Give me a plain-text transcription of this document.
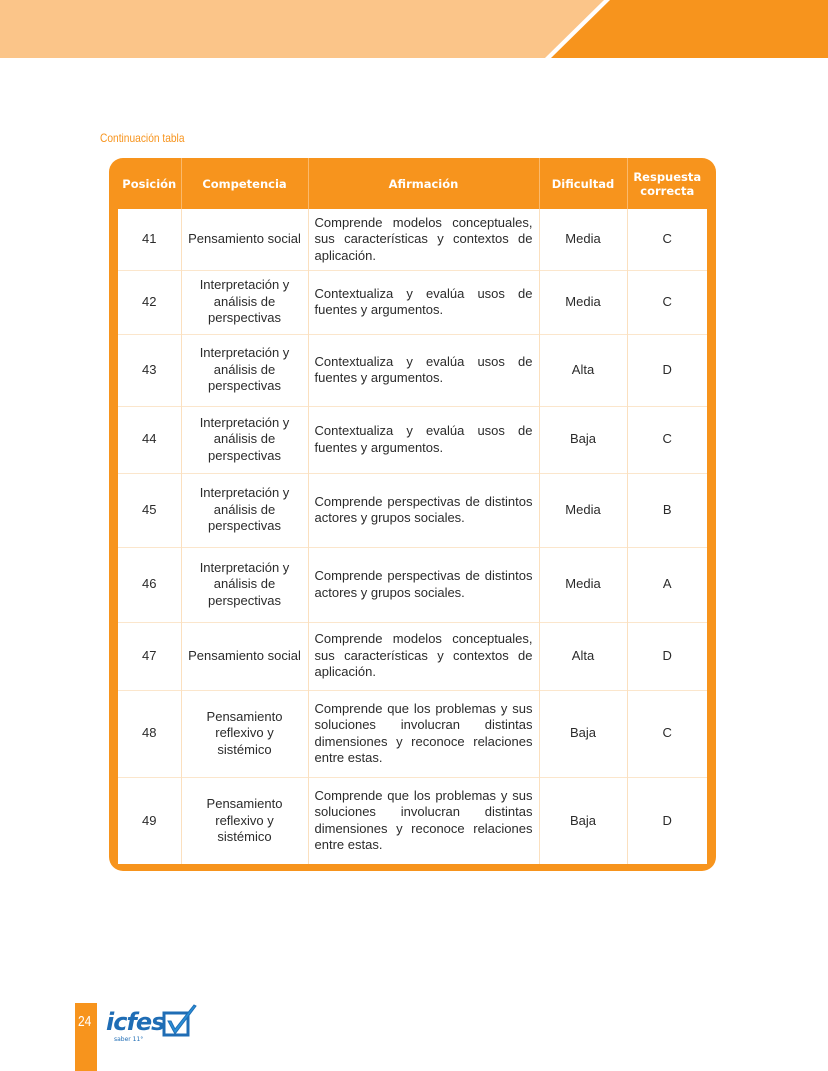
Continuación tabla
Posición	Competencia	Afirmación	Dificultad	Respuesta correcta
41	Pensamiento social	Comprende modelos conceptuales, sus características y contextos de aplicación.	Media	C
42	Interpretación y análisis de perspectivas	Contextualiza y evalúa usos de fuentes y argumentos.	Media	C
43	Interpretación y análisis de perspectivas	Contextualiza y evalúa usos de fuentes y argumentos.	Alta	D
44	Interpretación y análisis de perspectivas	Contextualiza y evalúa usos de fuentes y argumentos.	Baja	C
45	Interpretación y análisis de perspectivas	Comprende perspectivas de distintos actores y grupos sociales.	Media	B
46	Interpretación y análisis de perspectivas	Comprende perspectivas de distintos actores y grupos sociales.	Media	A
47	Pensamiento social	Comprende modelos conceptuales, sus características y contextos de aplicación.	Alta	D
48	Pensamiento reflexivo y sistémico	Comprende que los problemas y sus soluciones involucran distintas dimensiones y reconoce relaciones entre estas.	Baja	C
49	Pensamiento reflexivo y sistémico	Comprende que los problemas y sus soluciones involucran distintas dimensiones y reconoce relaciones entre estas.	Baja	D
24 icfes
saber 11°
